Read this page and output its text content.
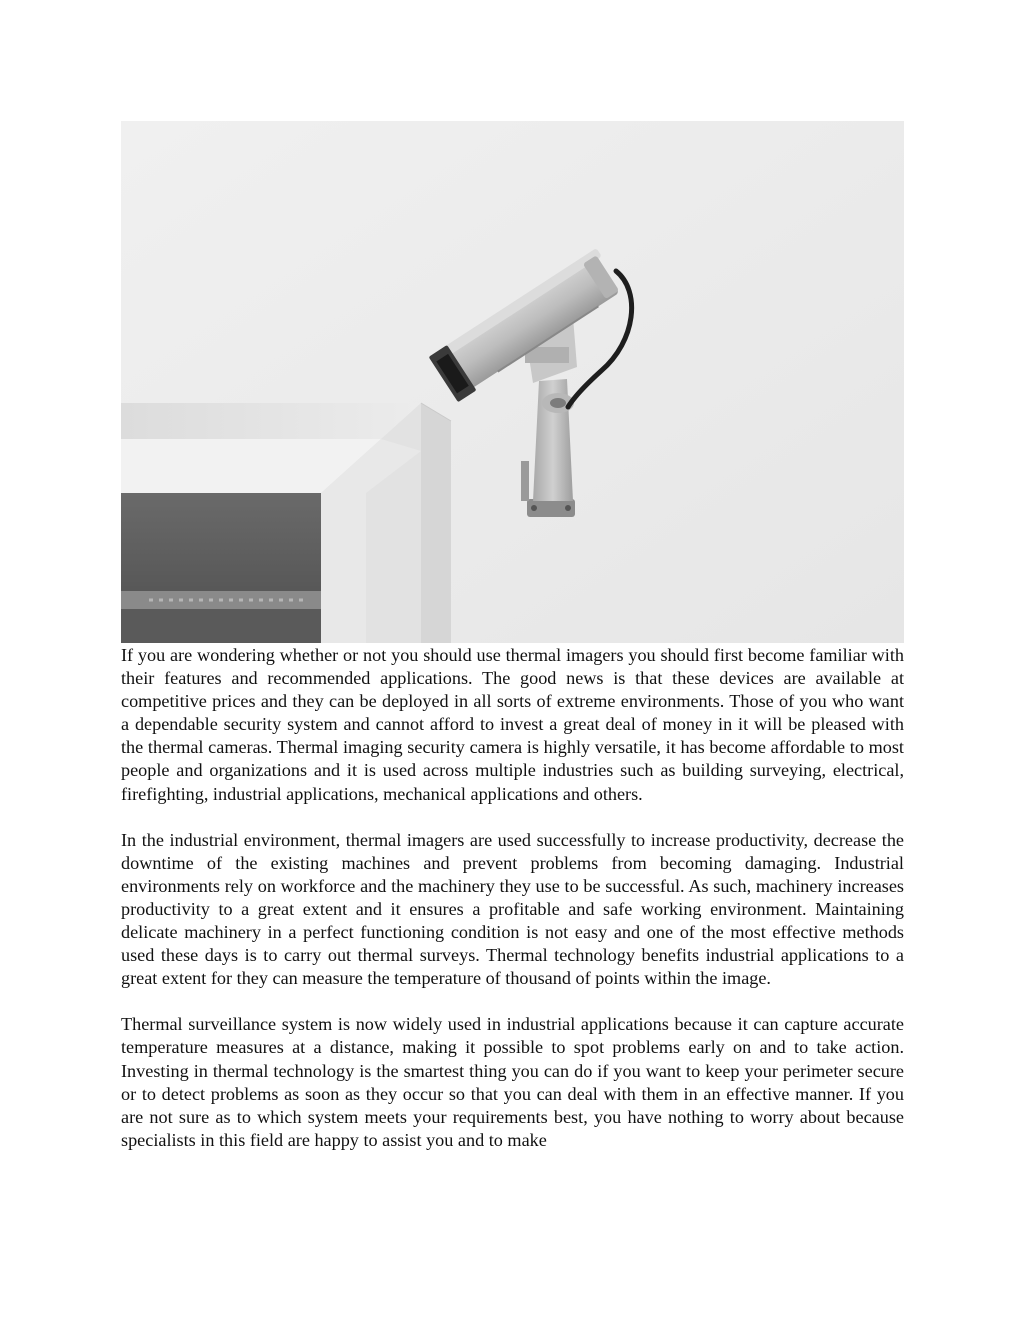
If you are wondering whether or not you should use thermal imagers you should first become familiar with their features and recommended applications. The good news is that these devices are available at competitive prices and they can be deployed in all sorts of extreme environments. Those of you who want a dependable security system and cannot afford to invest a great deal of money in it will be pleased with the thermal cameras. Thermal imaging security camera is highly versatile, it has become affordable to most people and organizations and it is used across multiple industries such as building surveying, electrical, firefighting, industrial applications, mechanical applications and others.

In the industrial environment, thermal imagers are used successfully to increase productivity, decrease the downtime of the existing machines and prevent problems from becoming damaging. Industrial environments rely on workforce and the machinery they use to be successful. As such, machinery increases productivity to a great extent and it ensures a profitable and safe working environment. Maintaining delicate machinery in a perfect functioning condition is not easy and one of the most effective methods used these days is to carry out thermal surveys. Thermal technology benefits industrial applications to a great extent for they can measure the temperature of thousand of points within the image.

Thermal surveillance system is now widely used in industrial applications because it can capture accurate temperature measures at a distance, making it possible to spot problems early on and to take action. Investing in thermal technology is the smartest thing you can do if you want to keep your perimeter secure or to detect problems as soon as they occur so that you can deal with them in an effective manner. If you are not sure as to which system meets your requirements best, you have nothing to worry about because specialists in this field are happy to assist you and to make
